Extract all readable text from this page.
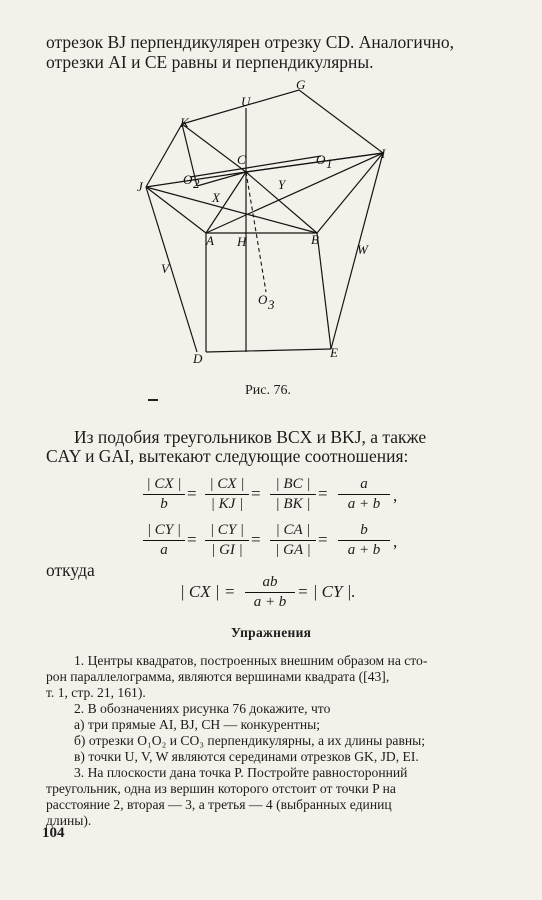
отрезок BJ перпендикулярен отрезку CD. Аналогично,
отрезки AI и CE равны и перпендикулярны.
U
G
K
C	O 1
I
J	O 2	Y
X
A H	B
W
V
O 3
D	E
Рис. 76.
Из подобия треугольников BCX и BKJ, а также
CAY и GAI, вытекают следующие соотношения:
$\frac{| CX |}{b} = \frac{| CX |}{| KJ |} = \frac{| BC |}{| BK |} = \frac{a}{a + b}$ ,
$\frac{| CY |}{a} = \frac{| CY |}{| GI |} = \frac{| CA |}{| GA |} = \frac{b}{a + b}$ ,
откуда
| CX | = $\frac{ab}{a + b}$ = | CY |.
Упражнения
1. Центры квадратов, построенных внешним образом на сто-
рон параллелограмма, являются вершинами квадрата ([43],
т. 1, стр. 21, 161).
2. В обозначениях рисунка 76 докажите, что
а) три прямые AI, BJ, CH — конкурентны;
б) отрезки O₁O₂ и CO₃ перпендикулярны, а их длины равны;
в) точки U, V, W являются серединами отрезков GK, JD, EI.
3. На плоскости дана точка P. Постройте равносторонний
треугольник, одна из вершин которого отстоит от точки P на
расстояние 2, вторая — 3, а третья — 4 (выбранных единиц
длины).
104
